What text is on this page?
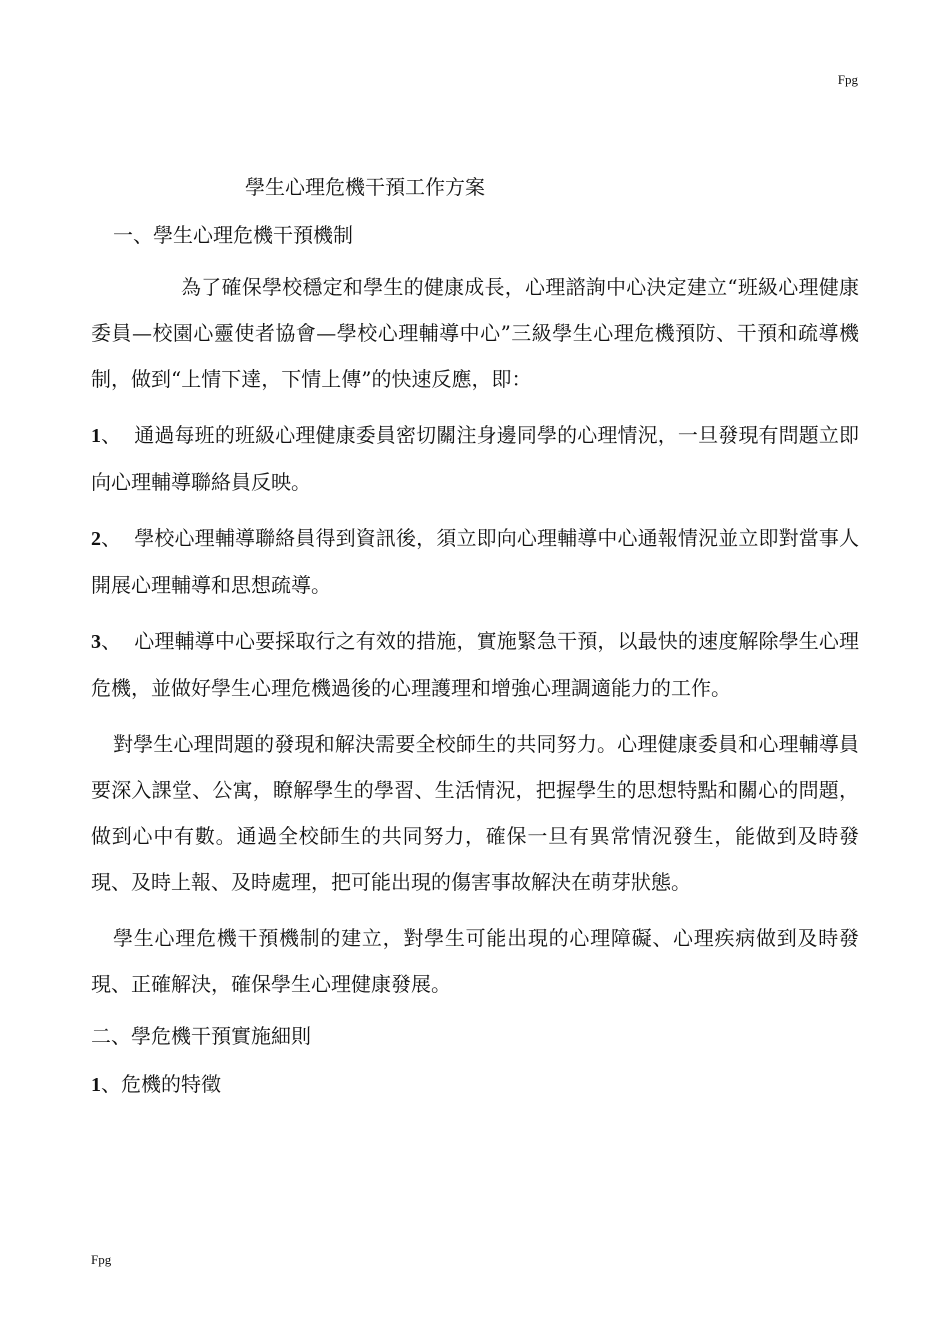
Fpg
學生心理危機干預工作方案
一、學生心理危機干預機制

為了確保學校穩定和學生的健康成長，心理諮詢中心決定建立“班級心理健康委員—校園心靈使者協會—學校心理輔導中心”三級學生心理危機預防、干預和疏導機制，做到“上情下達，下情上傳”的快速反應，即：

1、 通過每班的班級心理健康委員密切關注身邊同學的心理情況，一旦發現有問題立即向心理輔導聯絡員反映。

2、 學校心理輔導聯絡員得到資訊後，須立即向心理輔導中心通報情況並立即對當事人開展心理輔導和思想疏導。

3、 心理輔導中心要採取行之有效的措施，實施緊急干預，以最快的速度解除學生心理危機，並做好學生心理危機過後的心理護理和增強心理調適能力的工作。

對學生心理問題的發現和解決需要全校師生的共同努力。心理健康委員和心理輔導員要深入課堂、公寓，瞭解學生的學習、生活情況，把握學生的思想特點和關心的問題，做到心中有數。通過全校師生的共同努力，確保一旦有異常情況發生，能做到及時發現、及時上報、及時處理，把可能出現的傷害事故解決在萌芽狀態。

學生心理危機干預機制的建立，對學生可能出現的心理障礙、心理疾病做到及時發現、正確解決，確保學生心理健康發展。

二、學危機干預實施細則
1、危機的特徵
Fpg
